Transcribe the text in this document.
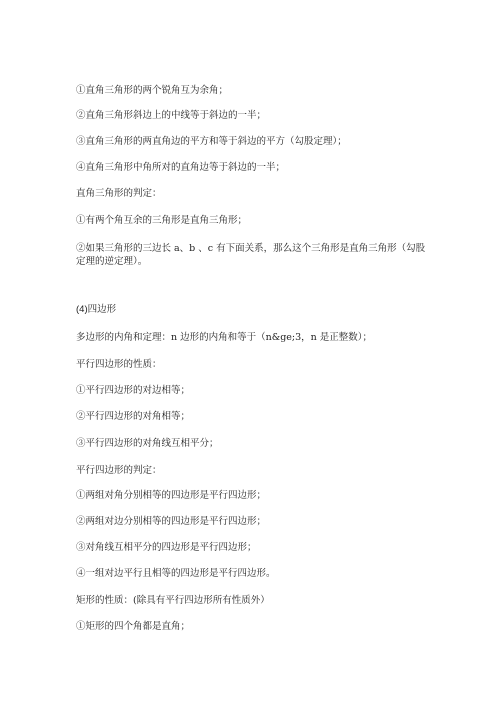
①直角三角形的两个锐角互为余角；

②直角三角形斜边上的中线等于斜边的一半；

③直角三角形的两直角边的平方和等于斜边的平方（勾股定理）；

④直角三角形中角所对的直角边等于斜边的一半；

直角三角形的判定：

①有两个角互余的三角形是直角三角形；

②如果三角形的三边长 a、b 、c 有下面关系，那么这个三角形是直角三角形（勾股定理的逆定理）。

(4)四边形

多边形的内角和定理：n 边形的内角和等于（n&ge;3，n 是正整数）；

平行四边形的性质：

①平行四边形的对边相等；

②平行四边形的对角相等；

③平行四边形的对角线互相平分；

平行四边形的判定：

①两组对角分别相等的四边形是平行四边形；

②两组对边分别相等的四边形是平行四边形；

③对角线互相平分的四边形是平行四边形；

④一组对边平行且相等的四边形是平行四边形。

矩形的性质：(除具有平行四边形所有性质外）

①矩形的四个角都是直角；
